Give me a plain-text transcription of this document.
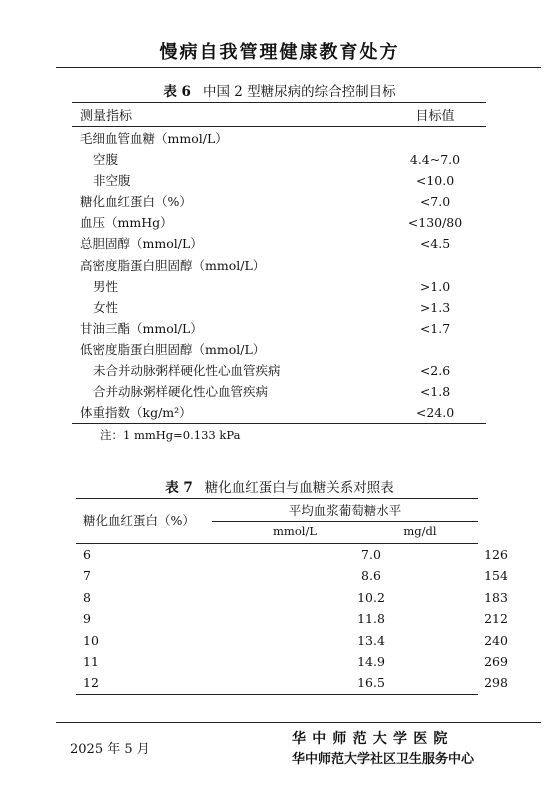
慢病自我管理健康教育处方
表 6 中国 2 型糖尿病的综合控制目标
测量指标	目标值
毛细血管血糖（mmol/L）
空腹	4.4~7.0
非空腹	<10.0
糖化血红蛋白（%）	<7.0
血压（mmHg）	<130/80
总胆固醇（mmol/L）	<4.5
高密度脂蛋白胆固醇（mmol/L）
男性	>1.0
女性	>1.3
甘油三酯（mmol/L）	<1.7
低密度脂蛋白胆固醇（mmol/L）
未合并动脉粥样硬化性心血管疾病	<2.6
合并动脉粥样硬化性心血管疾病	<1.8
体重指数（kg/m²）	<24.0
注：1 mmHg=0.133 kPa
表 7 糖化血红蛋白与血糖关系对照表
糖化血红蛋白（%）
平均血浆葡萄糖水平
mmol/L	mg/dl
6	7.0	126
7	8.6	154
8	10.2	183
9	11.8	212
10	13.4	240
11	14.9	269
12	16.5	298
2025 年 5 月
华中师范大学医院
华中师范大学社区卫生服务中心
